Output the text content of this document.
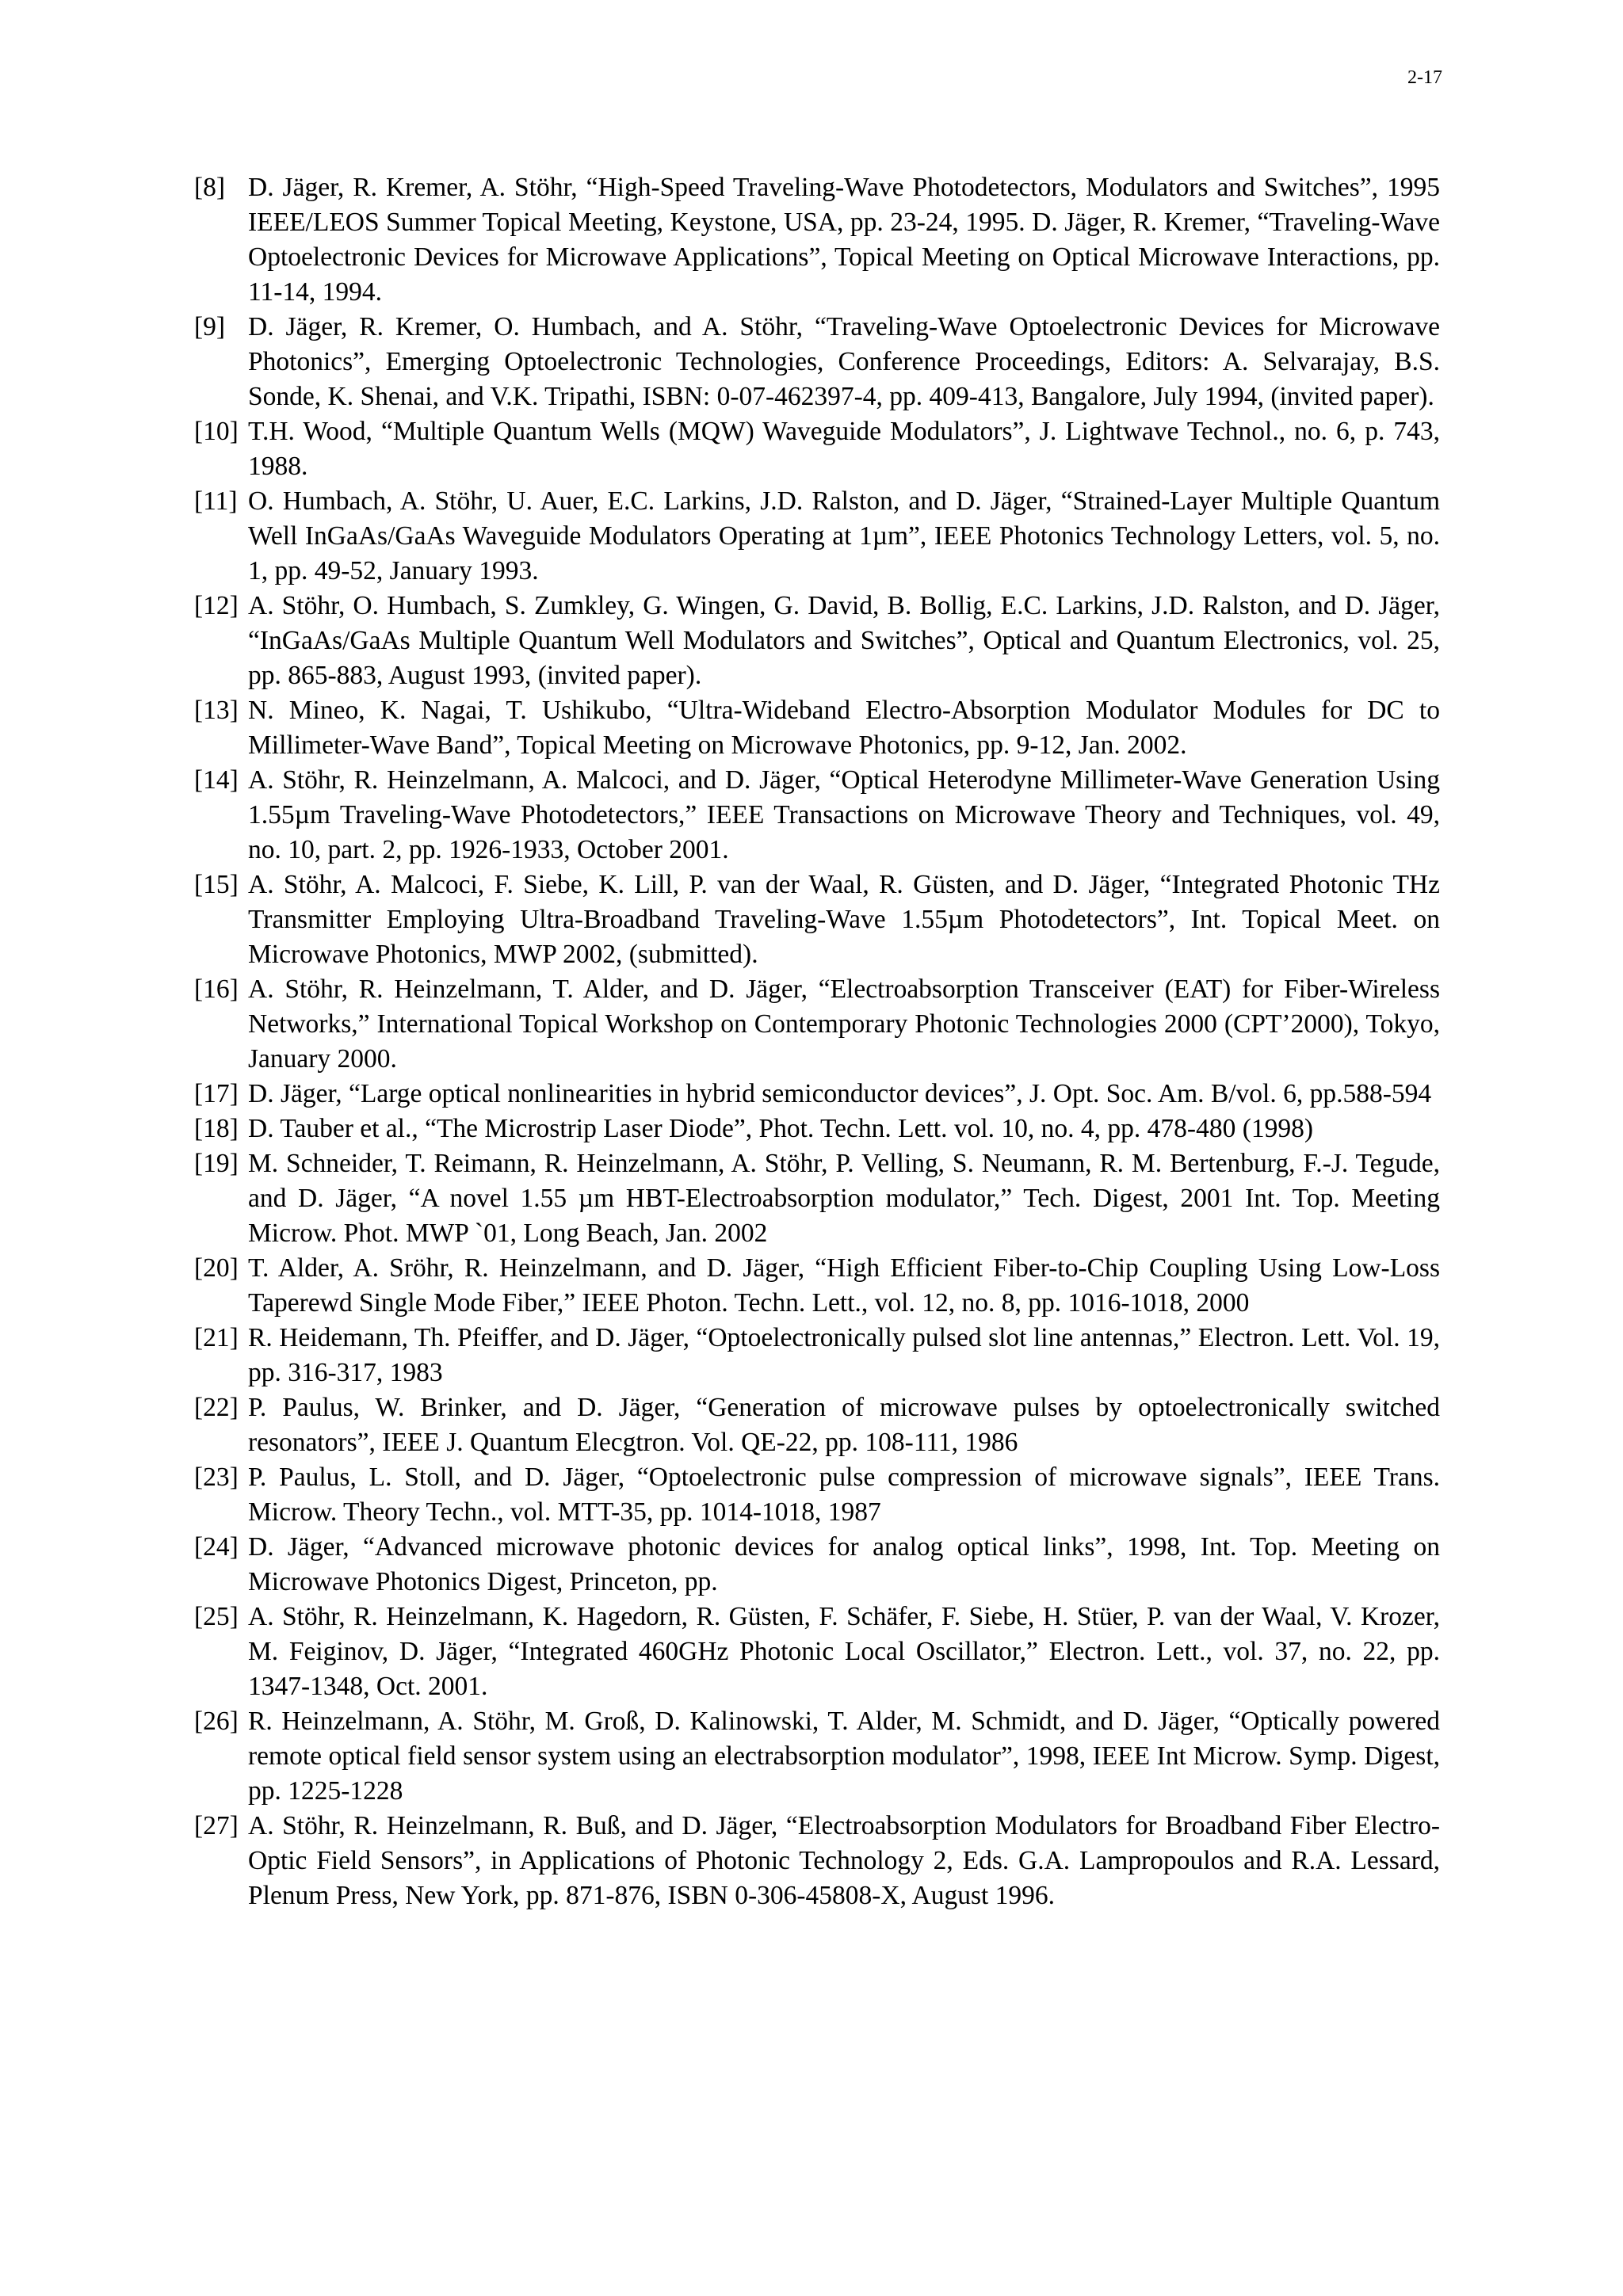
2-17
[8] D. Jäger, R. Kremer, A. Stöhr, “High-Speed Traveling-Wave Photodetectors, Modulators and Switches”, 1995 IEEE/LEOS Summer Topical Meeting, Keystone, USA, pp. 23-24, 1995. D. Jäger, R. Kremer, “Traveling-Wave Optoelectronic Devices for Microwave Applications”, Topical Meeting on Optical Microwave Interactions, pp. 11-14, 1994.
[9] D. Jäger, R. Kremer, O. Humbach, and A. Stöhr, “Traveling-Wave Optoelectronic Devices for Microwave Photonics”, Emerging Optoelectronic Technologies, Conference Proceedings, Editors: A. Selvarajay, B.S. Sonde, K. Shenai, and V.K. Tripathi, ISBN: 0-07-462397-4, pp. 409-413, Bangalore, July 1994, (invited paper).
[10] T.H. Wood, “Multiple Quantum Wells (MQW) Waveguide Modulators”, J. Lightwave Technol., no. 6, p. 743, 1988.
[11] O. Humbach, A. Stöhr, U. Auer, E.C. Larkins, J.D. Ralston, and D. Jäger, “Strained-Layer Multiple Quantum Well InGaAs/GaAs Waveguide Modulators Operating at 1µm”, IEEE Photonics Technology Letters, vol. 5, no. 1, pp. 49-52, January 1993.
[12] A. Stöhr, O. Humbach, S. Zumkley, G. Wingen, G. David, B. Bollig, E.C. Larkins, J.D. Ralston, and D. Jäger, “InGaAs/GaAs Multiple Quantum Well Modulators and Switches”, Optical and Quantum Electronics, vol. 25, pp. 865-883, August 1993, (invited paper).
[13] N. Mineo, K. Nagai, T. Ushikubo, “Ultra-Wideband Electro-Absorption Modulator Modules for DC to Millimeter-Wave Band”, Topical Meeting on Microwave Photonics, pp. 9-12, Jan. 2002.
[14] A. Stöhr, R. Heinzelmann, A. Malcoci, and D. Jäger, “Optical Heterodyne Millimeter-Wave Generation Using 1.55µm Traveling-Wave Photodetectors,” IEEE Transactions on Microwave Theory and Techniques, vol. 49, no. 10, part. 2, pp. 1926-1933, October 2001.
[15] A. Stöhr, A. Malcoci, F. Siebe, K. Lill, P. van der Waal, R. Güsten, and D. Jäger, “Integrated Photonic THz Transmitter Employing Ultra-Broadband Traveling-Wave 1.55µm Photodetectors”, Int. Topical Meet. on Microwave Photonics, MWP 2002, (submitted).
[16] A. Stöhr, R. Heinzelmann, T. Alder, and D. Jäger, “Electroabsorption Transceiver (EAT) for Fiber-Wireless Networks,” International Topical Workshop on Contemporary Photonic Technologies 2000 (CPT’2000), Tokyo, January 2000.
[17] D. Jäger, “Large optical nonlinearities in hybrid semiconductor devices”, J. Opt. Soc. Am. B/vol. 6, pp.588-594
[18] D. Tauber et al., “The Microstrip Laser Diode”, Phot. Techn. Lett. vol. 10, no. 4, pp. 478-480 (1998)
[19] M. Schneider, T. Reimann, R. Heinzelmann, A. Stöhr, P. Velling, S. Neumann, R. M. Bertenburg, F.-J. Tegude, and D. Jäger, “A novel 1.55 µm HBT-Electroabsorption modulator,” Tech. Digest, 2001 Int. Top. Meeting Microw. Phot. MWP `01, Long Beach, Jan. 2002
[20] T. Alder, A. Sröhr, R. Heinzelmann, and D. Jäger, “High Efficient Fiber-to-Chip Coupling Using Low-Loss Taperewd Single Mode Fiber,” IEEE Photon. Techn. Lett., vol. 12, no. 8, pp. 1016-1018, 2000
[21] R. Heidemann, Th. Pfeiffer, and D. Jäger, “Optoelectronically pulsed slot line antennas,” Electron. Lett. Vol. 19, pp. 316-317, 1983
[22] P. Paulus, W. Brinker, and D. Jäger, “Generation of microwave pulses by optoelectronically switched resonators”, IEEE J. Quantum Elecgtron. Vol. QE-22, pp. 108-111, 1986
[23] P. Paulus, L. Stoll, and D. Jäger, “Optoelectronic pulse compression of microwave signals”, IEEE Trans. Microw. Theory Techn., vol. MTT-35, pp. 1014-1018, 1987
[24] D. Jäger, “Advanced microwave photonic devices for analog optical links”, 1998, Int. Top. Meeting on Microwave Photonics Digest, Princeton, pp.
[25] A. Stöhr, R. Heinzelmann, K. Hagedorn, R. Güsten, F. Schäfer, F. Siebe, H. Stüer, P. van der Waal, V. Krozer, M. Feiginov, D. Jäger, “Integrated 460GHz Photonic Local Oscillator,” Electron. Lett., vol. 37, no. 22, pp. 1347-1348, Oct. 2001.
[26] R. Heinzelmann, A. Stöhr, M. Groß, D. Kalinowski, T. Alder, M. Schmidt, and D. Jäger, “Optically powered remote optical field sensor system using an electrabsorption modulator”, 1998, IEEE Int Microw. Symp. Digest, pp. 1225-1228
[27] A. Stöhr, R. Heinzelmann, R. Buß, and D. Jäger, “Electroabsorption Modulators for Broadband Fiber Electro-Optic Field Sensors”, in Applications of Photonic Technology 2, Eds. G.A. Lampropoulos and R.A. Lessard, Plenum Press, New York, pp. 871-876, ISBN 0-306-45808-X, August 1996.
